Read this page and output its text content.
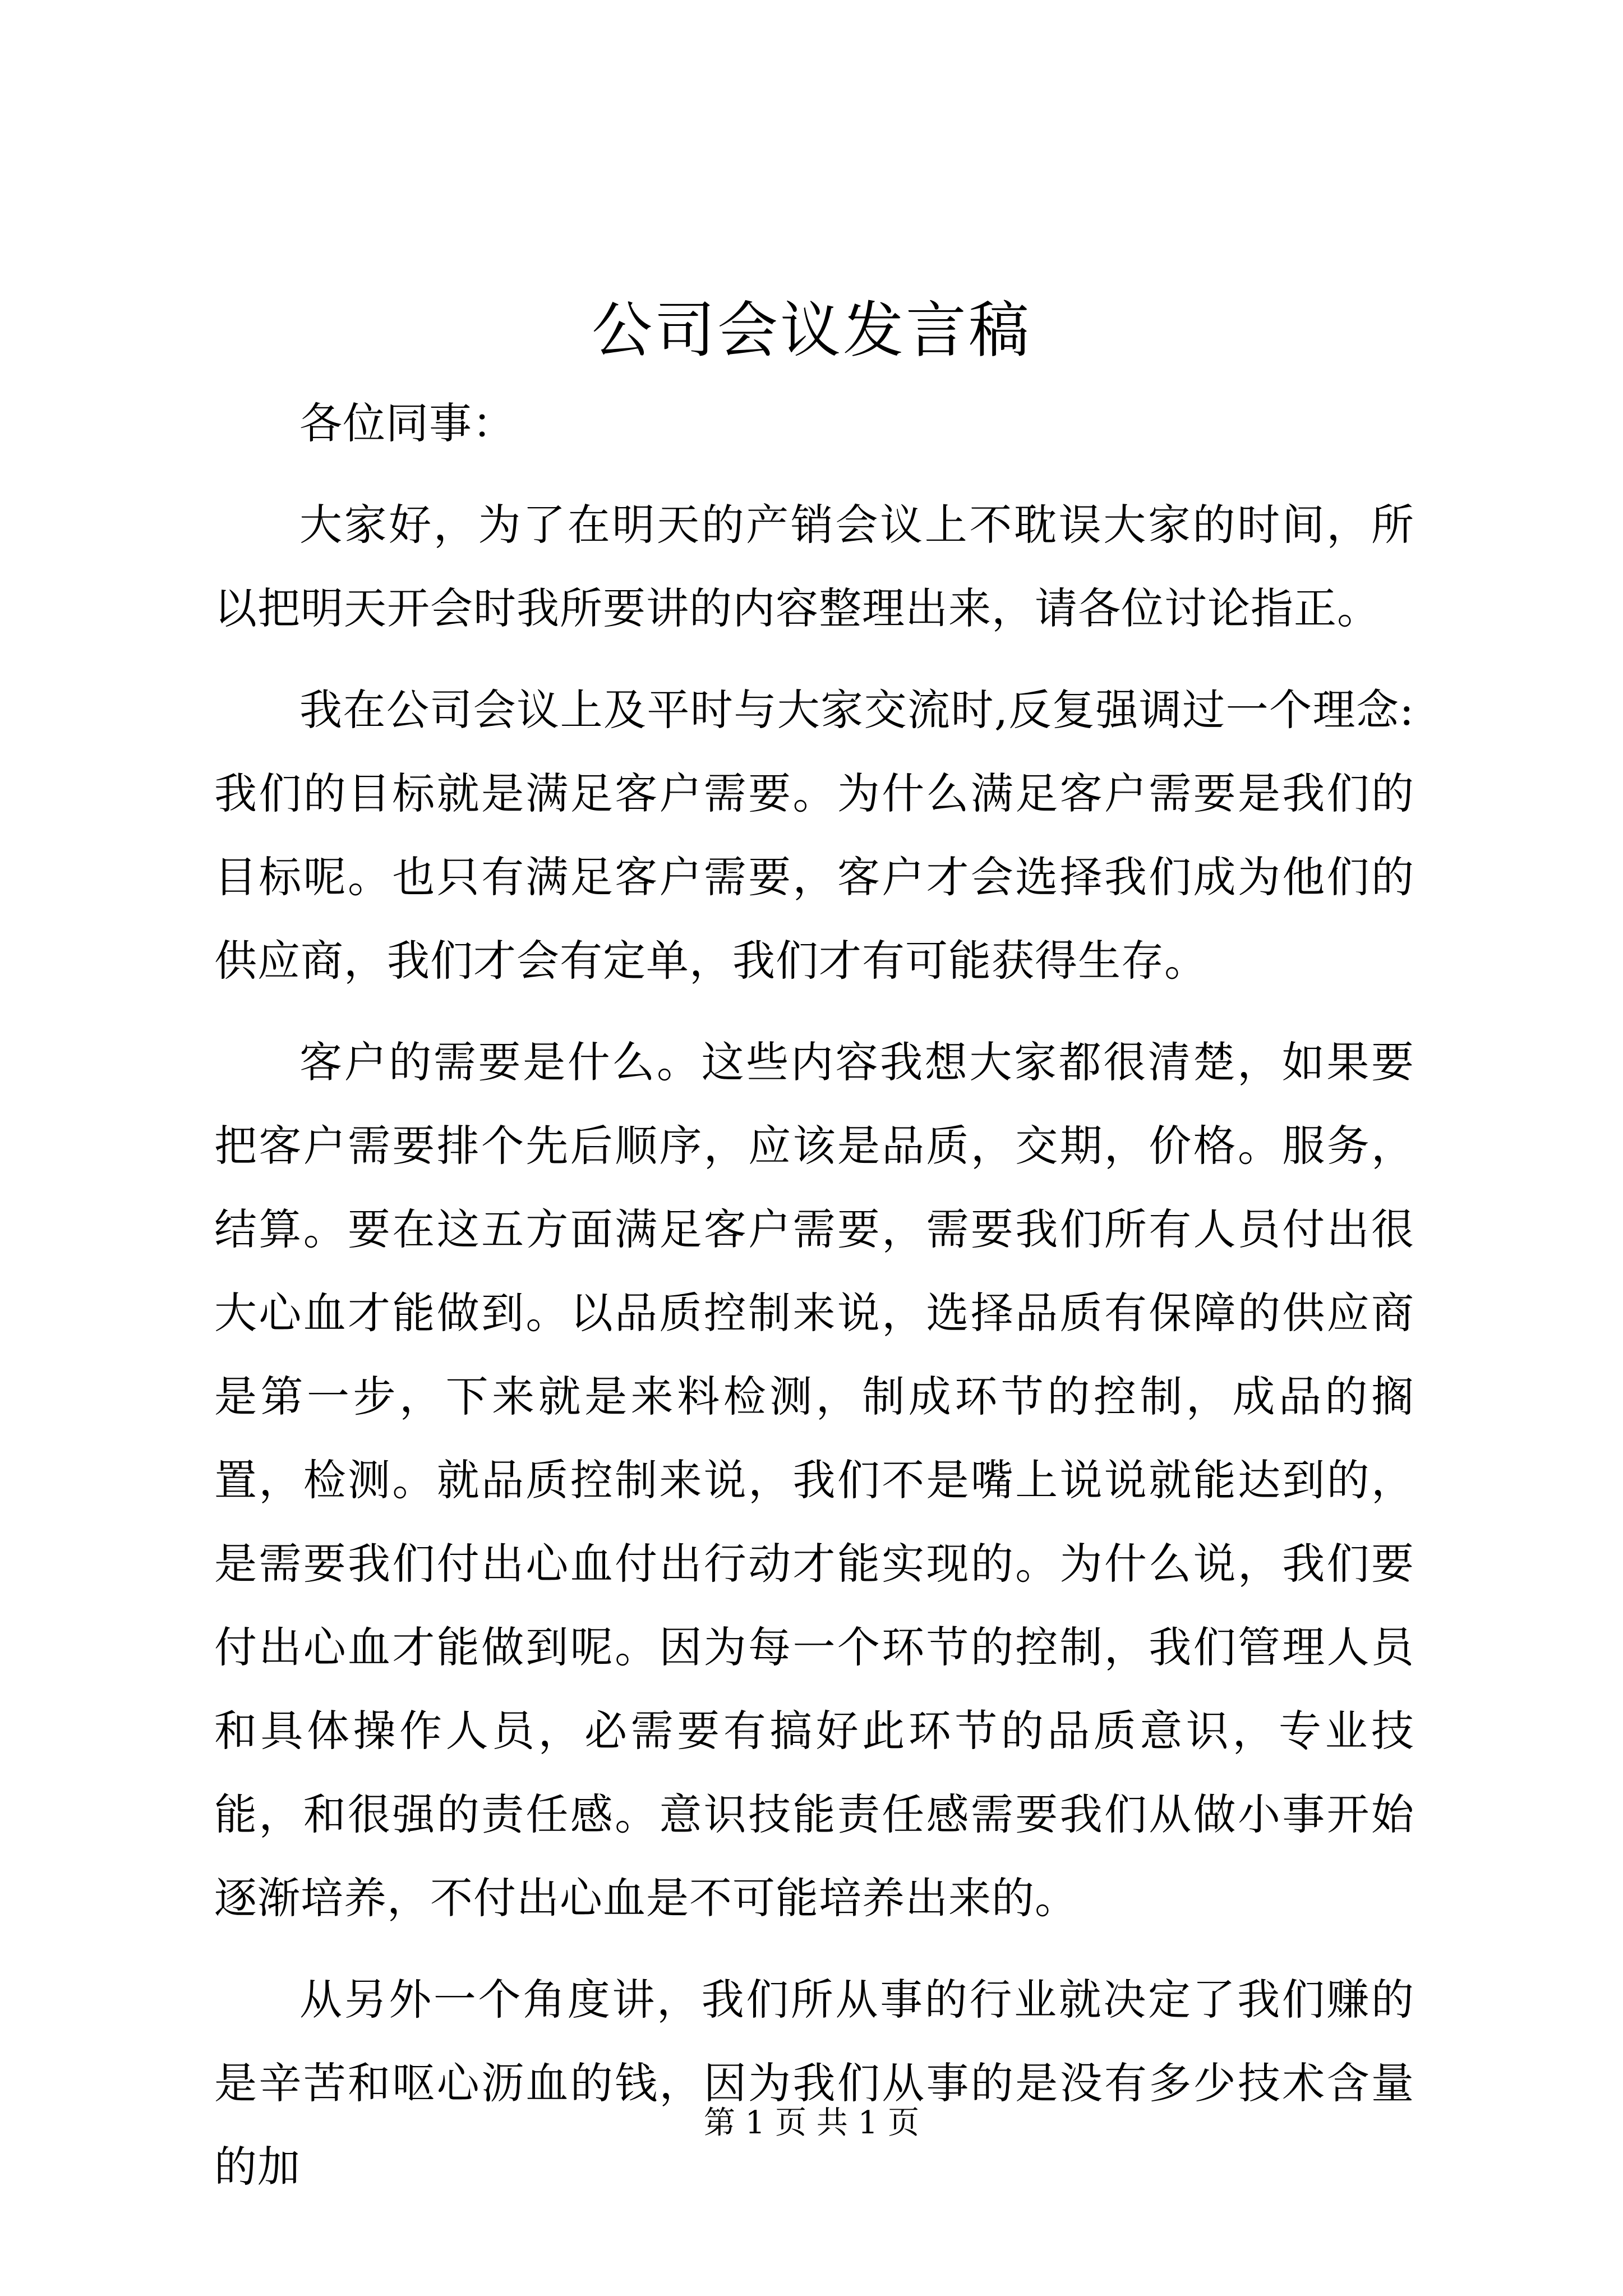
公司会议发言稿

各位同事：

大家好，为了在明天的产销会议上不耽误大家的时间，所以把明天开会时我所要讲的内容整理出来，请各位讨论指正。

我在公司会议上及平时与大家交流时,反复强调过一个理念:我们的目标就是满足客户需要。为什么满足客户需要是我们的目标呢。也只有满足客户需要，客户才会选择我们成为他们的供应商，我们才会有定单，我们才有可能获得生存。

客户的需要是什么。这些内容我想大家都很清楚，如果要把客户需要排个先后顺序，应该是品质，交期，价格。服务，结算。要在这五方面满足客户需要，需要我们所有人员付出很大心血才能做到。以品质控制来说，选择品质有保障的供应商是第一步，下来就是来料检测，制成环节的控制，成品的搁置，检测。就品质控制来说，我们不是嘴上说说就能达到的，是需要我们付出心血付出行动才能实现的。为什么说，我们要付出心血才能做到呢。因为每一个环节的控制，我们管理人员和具体操作人员，必需要有搞好此环节的品质意识，专业技能，和很强的责任感。意识技能责任感需要我们从做小事开始逐渐培养，不付出心血是不可能培养出来的。

从另外一个角度讲，我们所从事的行业就决定了我们赚的是辛苦和呕心沥血的钱，因为我们从事的是没有多少技术含量的加

第 1 页 共 1 页
